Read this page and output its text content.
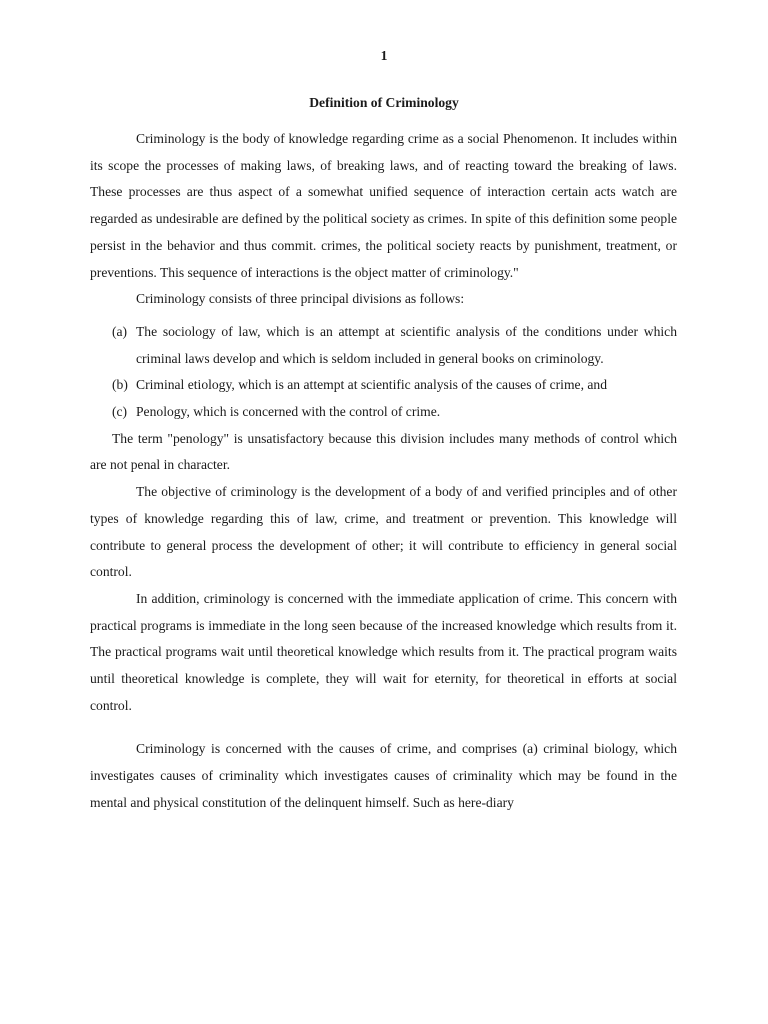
1
Definition of Criminology

Criminology is the body of knowledge regarding crime as a social Phenomenon. It includes within its scope the processes of making laws, of breaking laws, and of reacting toward the breaking of laws. These processes are thus aspect of a somewhat unified sequence of interaction certain acts watch are regarded as undesirable are defined by the political society as crimes. In spite of this definition some people persist in the behavior and thus commit. crimes, the political society reacts by punishment, treatment, or preventions. This sequence of interactions is the object matter of criminology."

Criminology consists of three principal divisions as follows:

(a) The sociology of law, which is an attempt at scientific analysis of the conditions under which criminal laws develop and which is seldom included in general books on criminology.
(b) Criminal etiology, which is an attempt at scientific analysis of the causes of crime, and
(c) Penology, which is concerned with the control of crime.

The term "penology" is unsatisfactory because this division includes many methods of control which are not penal in character.

The objective of criminology is the development of a body of and verified principles and of other types of knowledge regarding this of law, crime, and treatment or prevention. This knowledge will contribute to general process the development of other; it will contribute to efficiency in general social control.

In addition, criminology is concerned with the immediate application of crime. This concern with practical programs is immediate in the long seen because of the increased knowledge which results from it. The practical programs wait until theoretical knowledge which results from it. The practical program waits until theoretical knowledge is complete, they will wait for eternity, for theoretical in efforts at social control.

Criminology is concerned with the causes of crime, and comprises (a) criminal biology, which investigates causes of criminality which investigates causes of criminality which may be found in the mental and physical constitution of the delinquent himself. Such as here-diary
